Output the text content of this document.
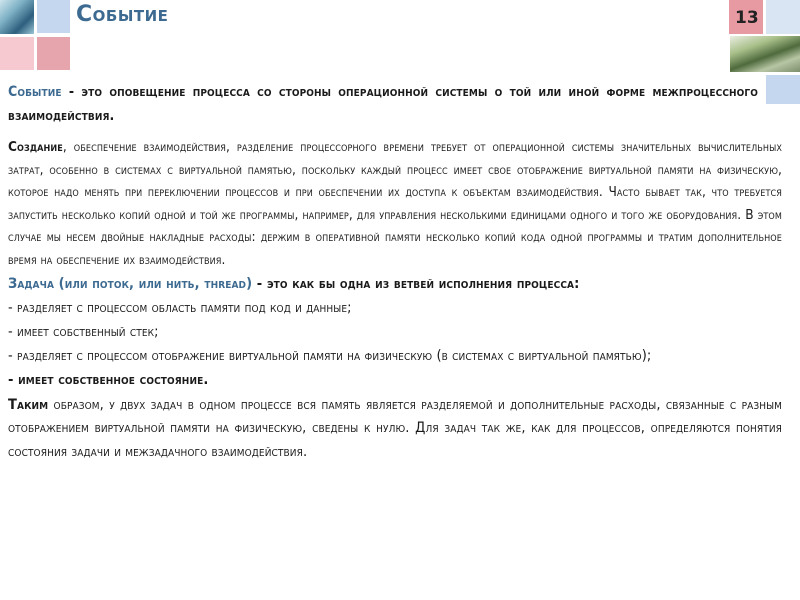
Событие	13

Событие - это оповещение процесса со стороны операционной системы о той или иной форме межпроцессного взаимодействия.

Создание, обеспечение взаимодействия, разделение процессорного времени требует от операционной системы значительных вычислительных затрат, особенно в системах с виртуальной памятью, поскольку каждый процесс имеет свое отображение виртуальной памяти на физическую, которое надо менять при переключении процессов и при обеспечении их доступа к объектам взаимодействия. Часто бывает так, что требуется запустить несколько копий одной и той же программы, например, для управления несколькими единицами одного и того же оборудования. В этом случае мы несем двойные накладные расходы: держим в оперативной памяти несколько копий кода одной программы и тратим дополнительное время на обеспечение их взаимодействия.

Задача (или поток, или нить, thread) - это как бы одна из ветвей исполнения процесса:

- разделяет с процессом область памяти под код и данные;

- имеет собственный стек;

- разделяет с процессом отображение виртуальной памяти на физическую (в системах с виртуальной памятью);

- имеет собственное состояние.

Таким образом, у двух задач в одном процессе вся память является разделяемой и дополнительные расходы, связанные с разным отображением виртуальной памяти на физическую, сведены к нулю. Для задач так же, как для процессов, определяются понятия состояния задачи и межзадачного взаимодействия.
